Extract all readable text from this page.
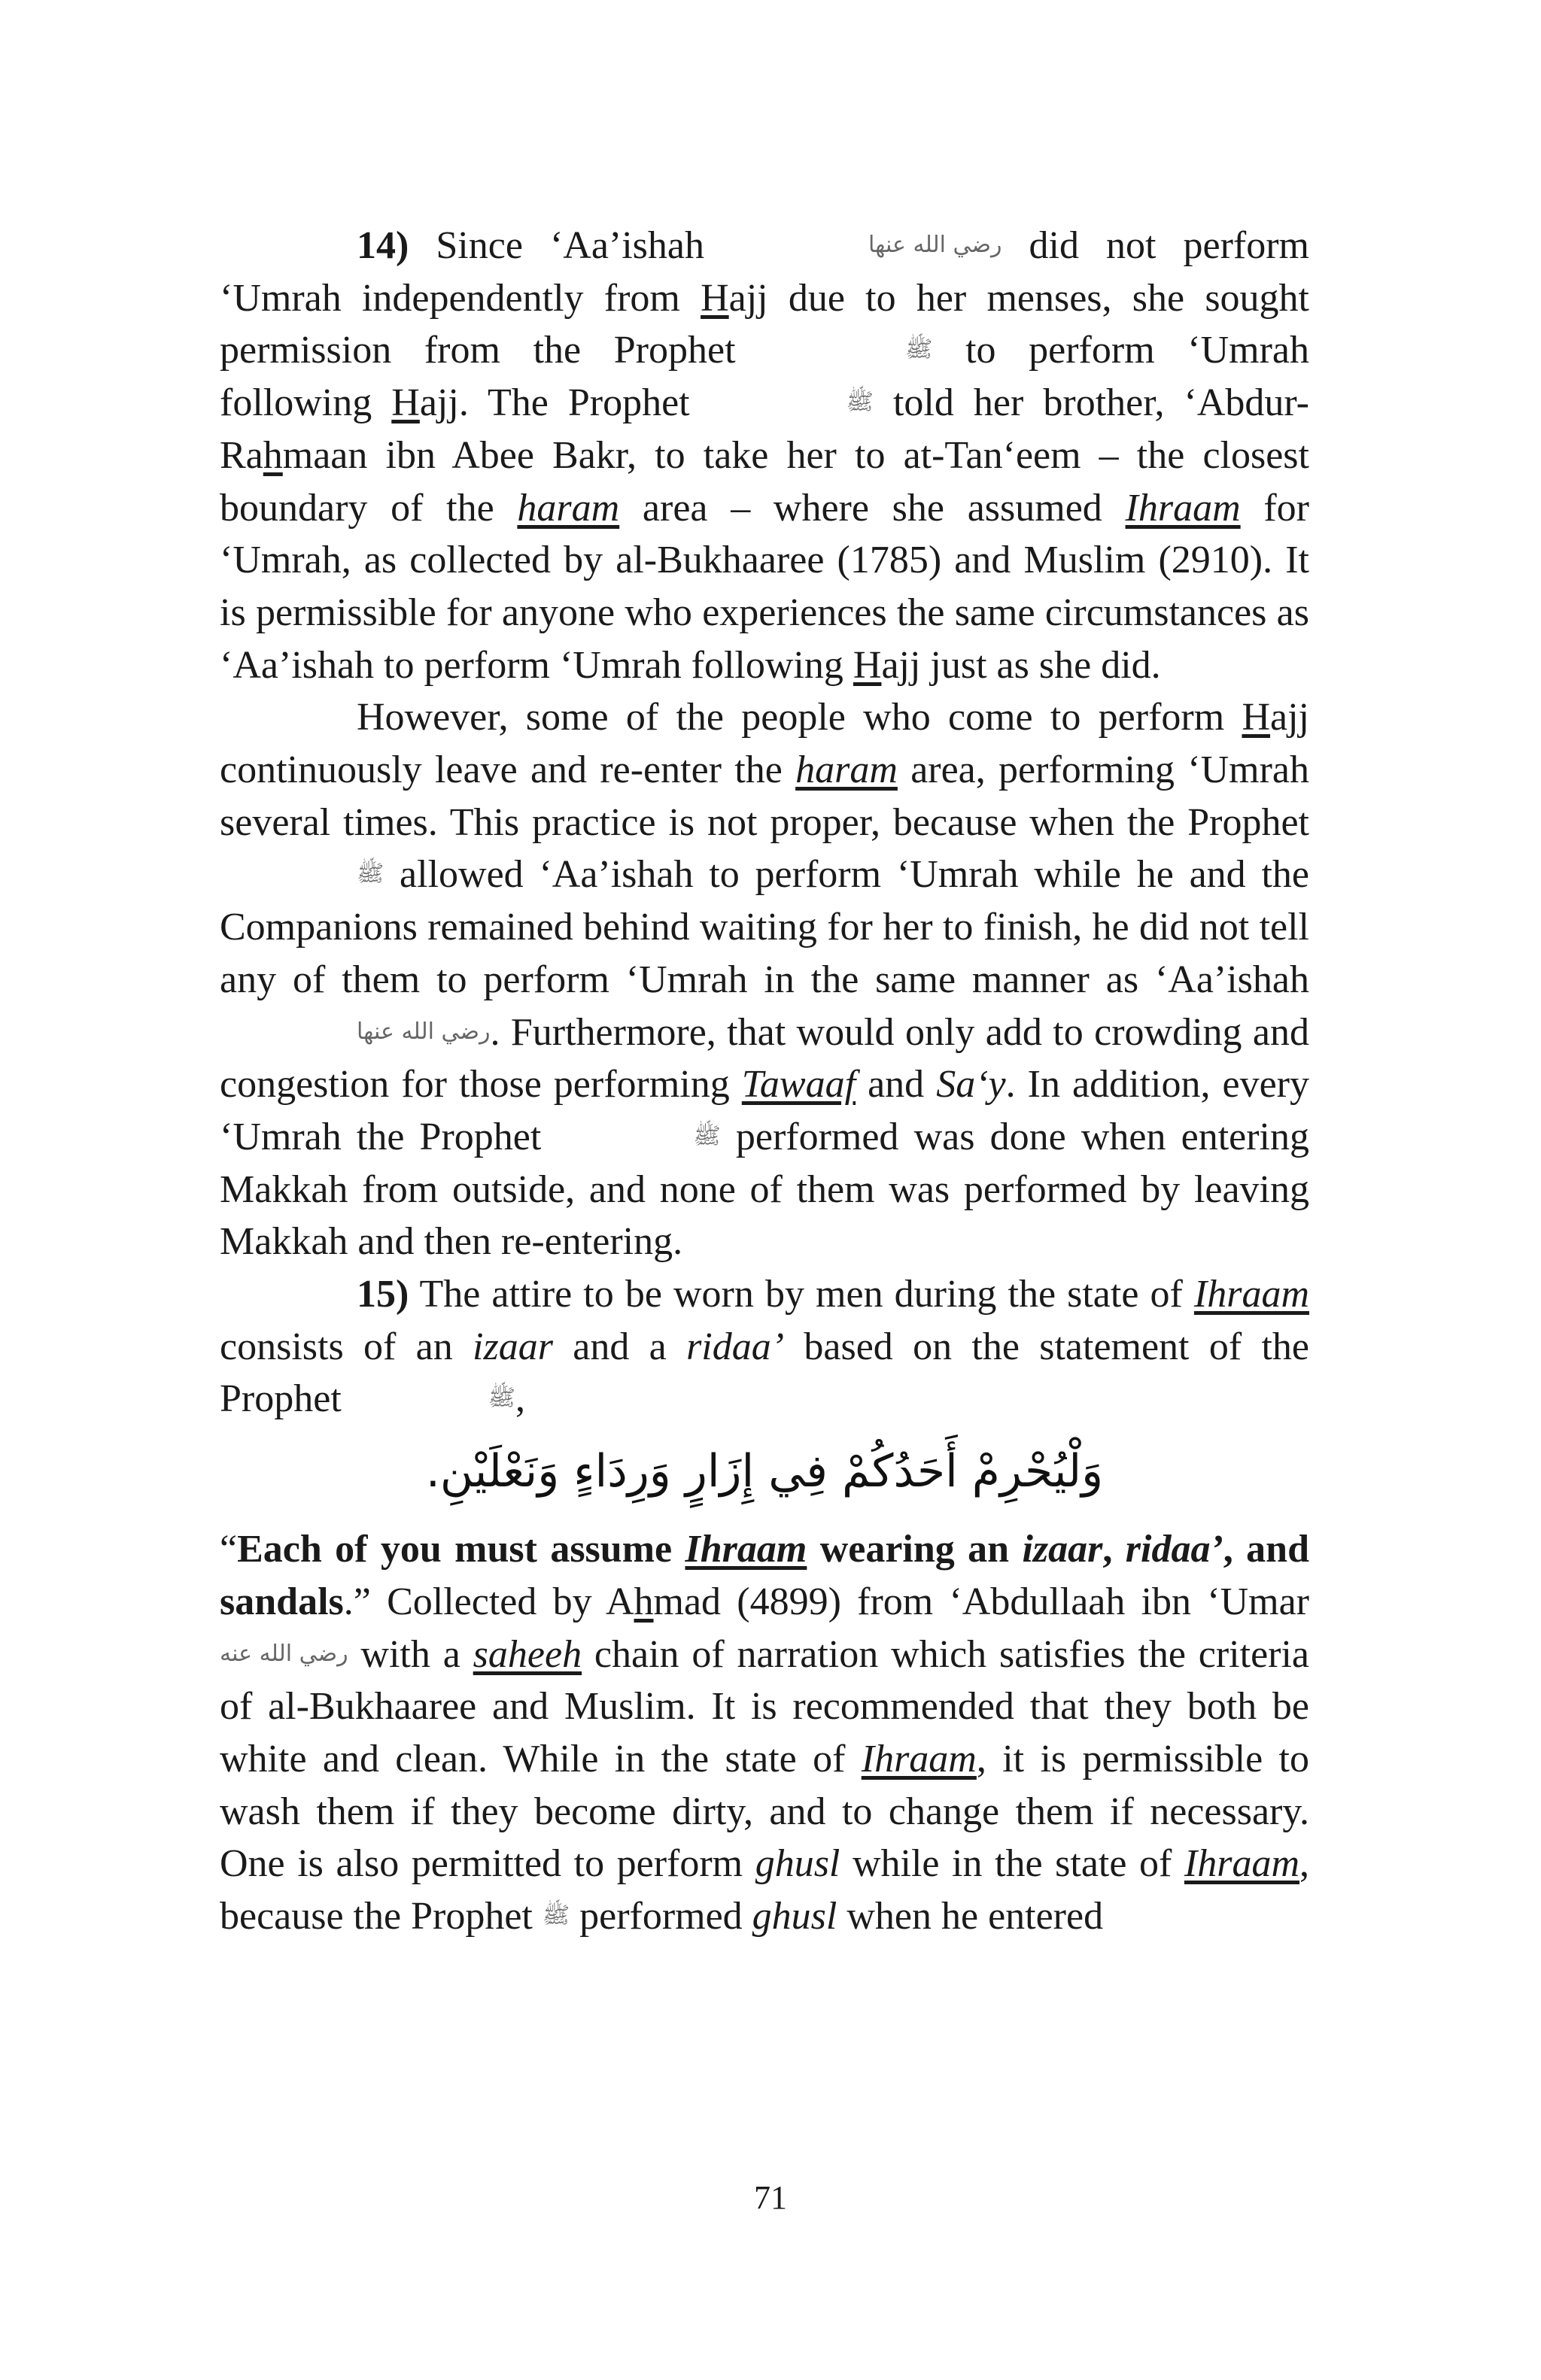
14) Since ‘Aa’ishah	رضي الله عنها did not perform ‘Umrah independently from Hajj due to her menses, she sought permission from the Prophet	ﷺ to perform ‘Umrah following Hajj. The Prophet	ﷺ told her brother, ‘Abdur-Rahmaan ibn Abee Bakr, to take her to at-Tan‘eem – the closest boundary of the haram area – where she assumed Ihraam for ‘Umrah, as collected by al-Bukhaaree (1785) and Muslim (2910). It is permissible for anyone who experiences the same circumstances as ‘Aa’ishah to perform ‘Umrah following Hajj just as she did.

However, some of the people who come to perform Hajj continuously leave and re-enter the haram area, performing ‘Umrah several times. This practice is not proper, because when the Prophet ﷺ allowed ‘Aa’ishah to perform ‘Umrah while he and the Companions remained behind waiting for her to finish, he did not tell any of them to perform ‘Umrah in the same manner as ‘Aa’ishah رضي الله عنها. Furthermore, that would only add to crowding and congestion for those performing Tawaaf and Sa‘y. In addition, every ‘Umrah the Prophet	ﷺ performed was done when entering Makkah from outside, and none of them was performed by leaving Makkah and then re-entering.

15) The attire to be worn by men during the state of Ihraam consists of an izaar and a ridaa’ based on the statement of the Prophet	ﷺ,

وَلْيُحْرِمْ أَحَدُكُمْ فِي إِزَارٍ وَرِدَاءٍ وَنَعْلَيْنِ.

“Each of you must assume Ihraam wearing an izaar, ridaa’, and sandals.” Collected by Ahmad (4899) from ‘Abdullaah ibn ‘Umar رضي الله عنه with a saheeh chain of narration which satisfies the criteria of al-Bukhaaree and Muslim. It is recommended that they both be white and clean. While in the state of Ihraam, it is permissible to wash them if they become dirty, and to change them if necessary. One is also permitted to perform ghusl while in the state of Ihraam, because the Prophet ﷺ performed ghusl when he entered

71
